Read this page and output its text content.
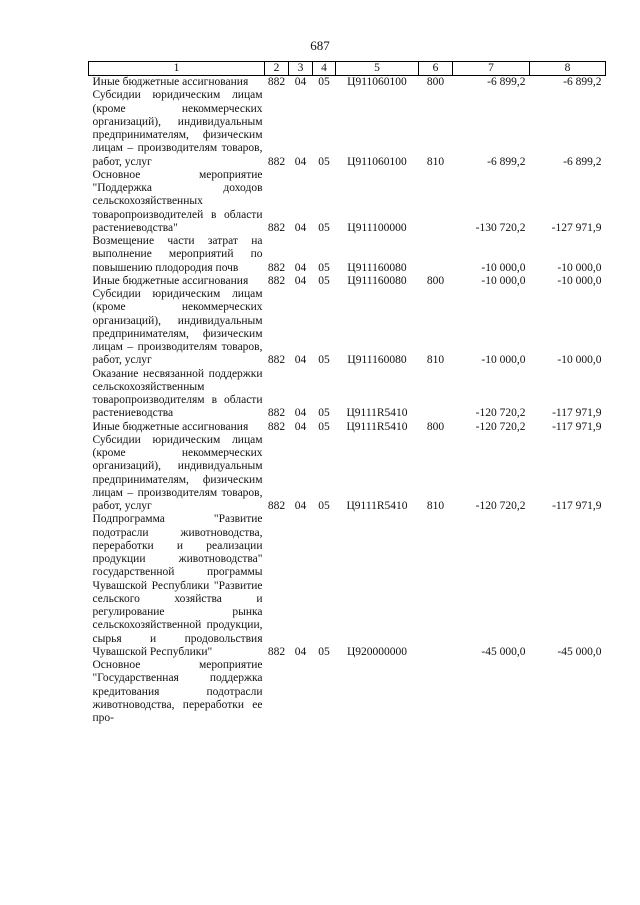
687
1	2	3	4	5	6	7	8
Иные бюджетные ассигнования	882	04	05	Ц911060100	800	-6 899,2	-6 899,2
Субсидии юридическим лицам (кроме некоммерческих организаций), индивидуальным предпринимателям, физическим лицам – производителям товаров, работ, услуг	882	04	05	Ц911060100	810	-6 899,2	-6 899,2
Основное мероприятие "Поддержка доходов сельскохозяйственных товаропроизводителей в области растениеводства"	882	04	05	Ц911100000		-130 720,2	-127 971,9
Возмещение части затрат на выполнение мероприятий по повышению плодородия почв	882	04	05	Ц911160080		-10 000,0	-10 000,0
Иные бюджетные ассигнования	882	04	05	Ц911160080	800	-10 000,0	-10 000,0
Субсидии юридическим лицам (кроме некоммерческих организаций), индивидуальным предпринимателям, физическим лицам – производителям товаров, работ, услуг	882	04	05	Ц911160080	810	-10 000,0	-10 000,0
Оказание несвязанной поддержки сельскохозяйственным товаропроизводителям в области растениеводства	882	04	05	Ц9111R5410		-120 720,2	-117 971,9
Иные бюджетные ассигнования	882	04	05	Ц9111R5410	800	-120 720,2	-117 971,9
Субсидии юридическим лицам (кроме некоммерческих организаций), индивидуальным предпринимателям, физическим лицам – производителям товаров, работ, услуг	882	04	05	Ц9111R5410	810	-120 720,2	-117 971,9
Подпрограмма "Развитие подотрасли животноводства, переработки и реализации продукции животноводства" государственной программы Чувашской Республики "Развитие сельского хозяйства и регулирование рынка сельскохозяйственной продукции, сырья и продовольствия Чувашской Республики"	882	04	05	Ц920000000		-45 000,0	-45 000,0
Основное мероприятие "Государственная поддержка кредитования подотрасли животноводства, переработки ее про-							
